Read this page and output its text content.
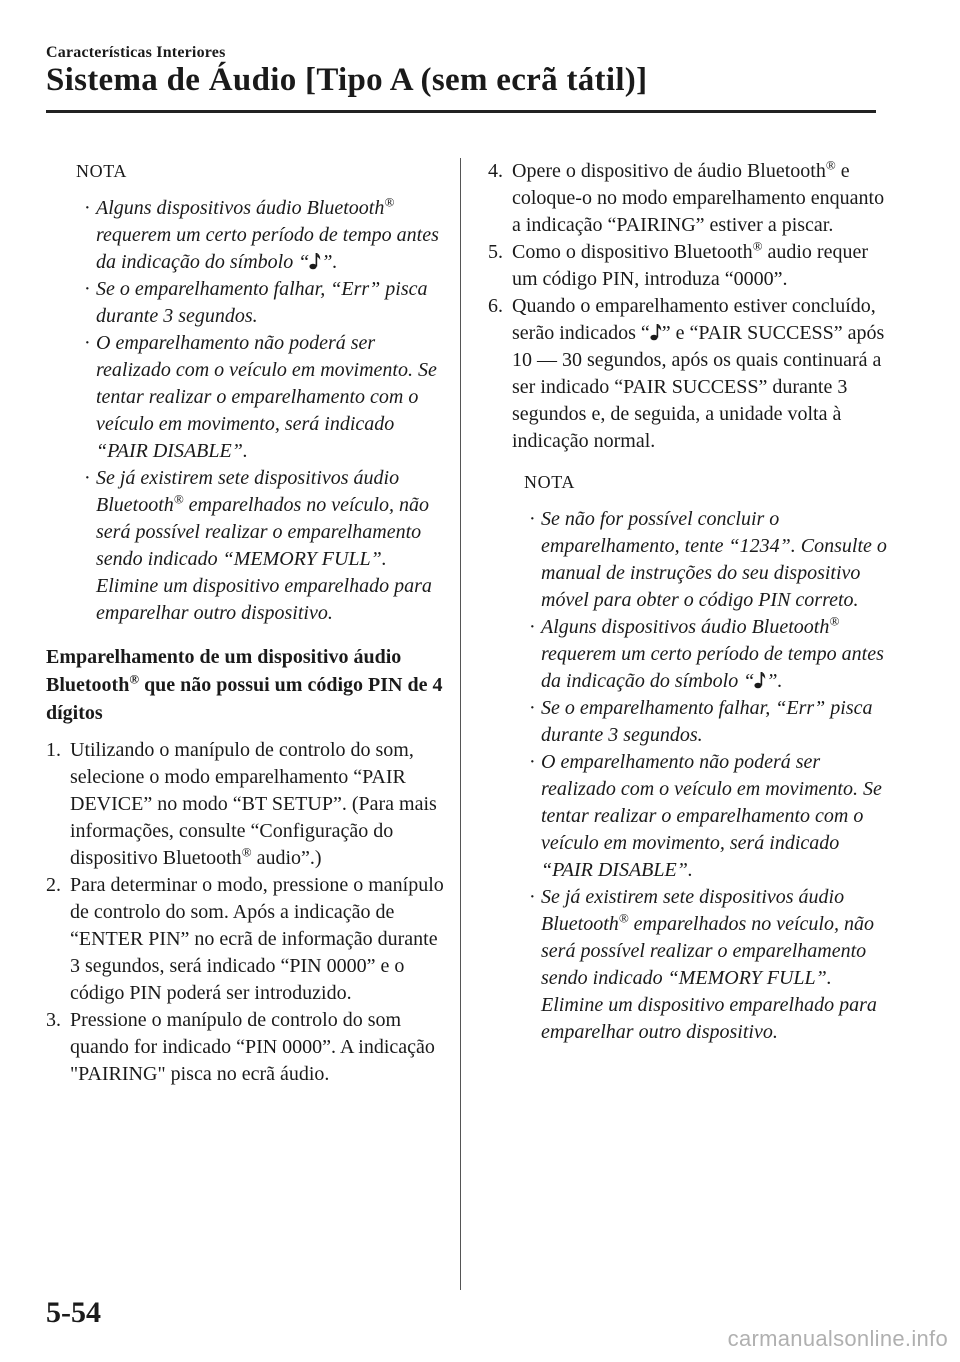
Características Interiores
Sistema de Áudio [Tipo A (sem ecrã tátil)]
NOTA
· Alguns dispositivos áudio Bluetooth® requerem um certo período de tempo antes da indicação do símbolo “ ”.
· Se o emparelhamento falhar, “Err” pisca durante 3 segundos.
· O emparelhamento não poderá ser realizado com o veículo em movimento. Se tentar realizar o emparelhamento com o veículo em movimento, será indicado “PAIR DISABLE”.
· Se já existirem sete dispositivos áudio Bluetooth® emparelhados no veículo, não será possível realizar o emparelhamento sendo indicado “MEMORY FULL”. Elimine um dispositivo emparelhado para emparelhar outro dispositivo.
Emparelhamento de um dispositivo áudio Bluetooth® que não possui um código PIN de 4 dígitos
1. Utilizando o manípulo de controlo do som, selecione o modo emparelhamento “PAIR DEVICE” no modo “BT SETUP”. (Para mais informações, consulte “Configuração do dispositivo Bluetooth® audio”.)
2. Para determinar o modo, pressione o manípulo de controlo do som. Após a indicação de “ENTER PIN” no ecrã de informação durante 3 segundos, será indicado “PIN 0000” e o código PIN poderá ser introduzido.
3. Pressione o manípulo de controlo do som quando for indicado “PIN 0000”. A indicação "PAIRING" pisca no ecrã áudio.
4. Opere o dispositivo de áudio Bluetooth® e coloque-o no modo emparelhamento enquanto a indicação “PAIRING” estiver a piscar.
5. Como o dispositivo Bluetooth® audio requer um código PIN, introduza “0000”.
6. Quando o emparelhamento estiver concluído, serão indicados “ ” e “PAIR SUCCESS” após 10 — 30 segundos, após os quais continuará a ser indicado “PAIR SUCCESS” durante 3 segundos e, de seguida, a unidade volta à indicação normal.
NOTA
· Se não for possível concluir o emparelhamento, tente “1234”. Consulte o manual de instruções do seu dispositivo móvel para obter o código PIN correto.
· Alguns dispositivos áudio Bluetooth® requerem um certo período de tempo antes da indicação do símbolo “ ”.
· Se o emparelhamento falhar, “Err” pisca durante 3 segundos.
· O emparelhamento não poderá ser realizado com o veículo em movimento. Se tentar realizar o emparelhamento com o veículo em movimento, será indicado “PAIR DISABLE”.
· Se já existirem sete dispositivos áudio Bluetooth® emparelhados no veículo, não será possível realizar o emparelhamento sendo indicado “MEMORY FULL”. Elimine um dispositivo emparelhado para emparelhar outro dispositivo.
5-54
carmanualsonline.info
